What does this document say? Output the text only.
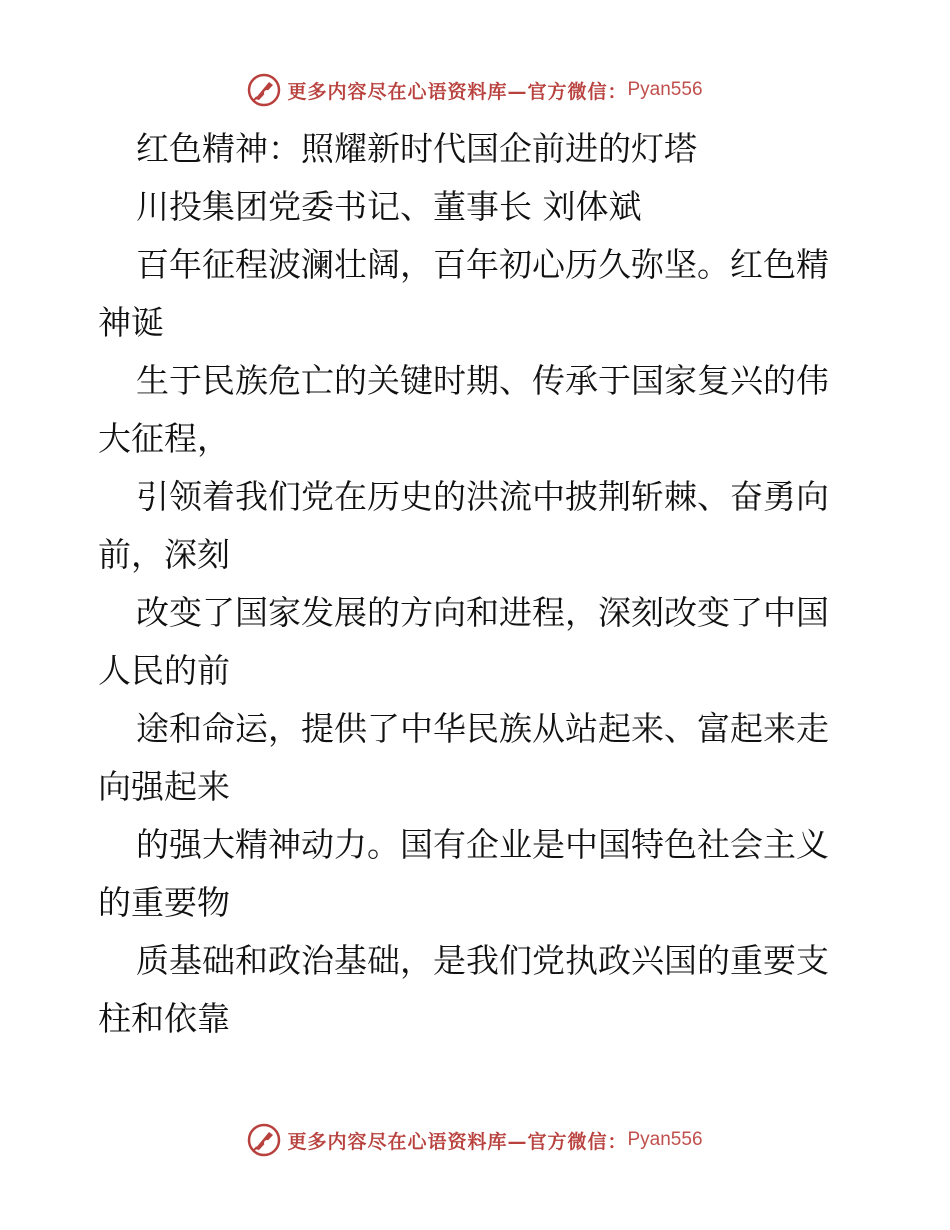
更多内容尽在心语资料库—官方微信： Pyan556
红色精神：照耀新时代国企前进的灯塔
川投集团党委书记、董事长 刘体斌
百年征程波澜壮阔，百年初心历久弥坚。红色精
神诞
生于民族危亡的关键时期、传承于国家复兴的伟
大征程，
引领着我们党在历史的洪流中披荆斩棘、奋勇向
前，深刻
改变了国家发展的方向和进程，深刻改变了中国
人民的前
途和命运，提供了中华民族从站起来、富起来走
向强起来
的强大精神动力。国有企业是中国特色社会主义
的重要物
质基础和政治基础，是我们党执政兴国的重要支
柱和依靠
更多内容尽在心语资料库—官方微信： Pyan556
